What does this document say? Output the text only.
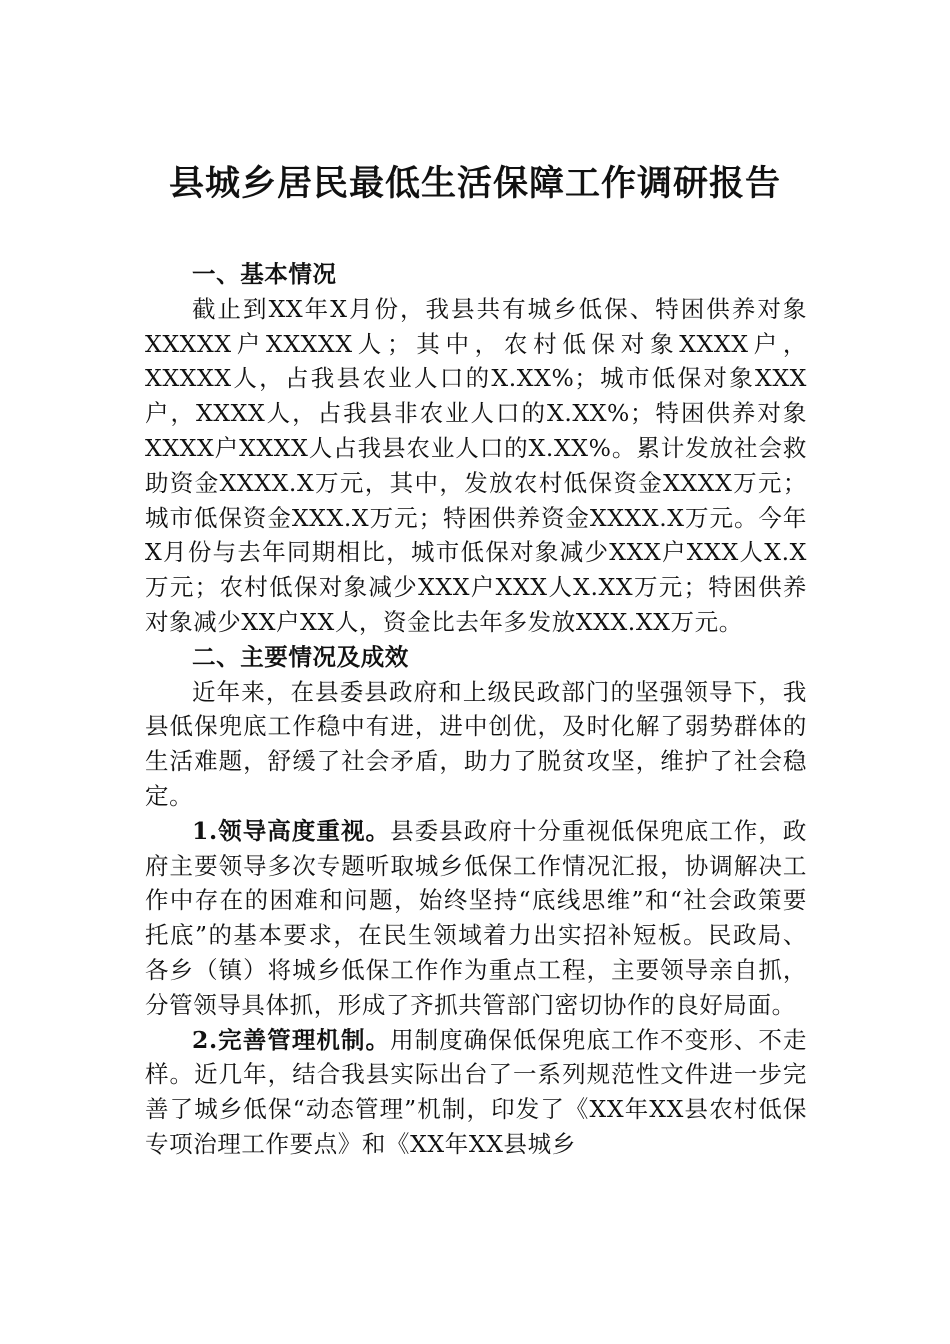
县城乡居民最低生活保障工作调研报告

一、基本情况

截止到XX年X月份，我县共有城乡低保、特困供养对象XXXXX户XXXXX人；其中，农村低保对象XXXX户，XXXXX人，占我县农业人口的X.XX%；城市低保对象XXX户，XXXX人，占我县非农业人口的X.XX%；特困供养对象XXXX户XXXX人占我县农业人口的X.XX%。累计发放社会救助资金XXXX.X万元，其中，发放农村低保资金XXXX万元；城市低保资金XXX.X万元；特困供养资金XXXX.X万元。今年X月份与去年同期相比，城市低保对象减少XXX户XXX人X.X万元；农村低保对象减少XXX户XXX人X.XX万元；特困供养对象减少XX户XX人，资金比去年多发放XXX.XX万元。

二、主要情况及成效

近年来，在县委县政府和上级民政部门的坚强领导下，我县低保兜底工作稳中有进，进中创优，及时化解了弱势群体的生活难题，舒缓了社会矛盾，助力了脱贫攻坚，维护了社会稳定。

1.领导高度重视。县委县政府十分重视低保兜底工作，政府主要领导多次专题听取城乡低保工作情况汇报，协调解决工作中存在的困难和问题，始终坚持“底线思维”和“社会政策要托底”的基本要求，在民生领域着力出实招补短板。民政局、各乡（镇）将城乡低保工作作为重点工程，主要领导亲自抓，分管领导具体抓，形成了齐抓共管部门密切协作的良好局面。

2.完善管理机制。用制度确保低保兜底工作不变形、不走样。近几年，结合我县实际出台了一系列规范性文件进一步完善了城乡低保“动态管理”机制，印发了《XX年XX县农村低保专项治理工作要点》和《XX年XX县城乡
